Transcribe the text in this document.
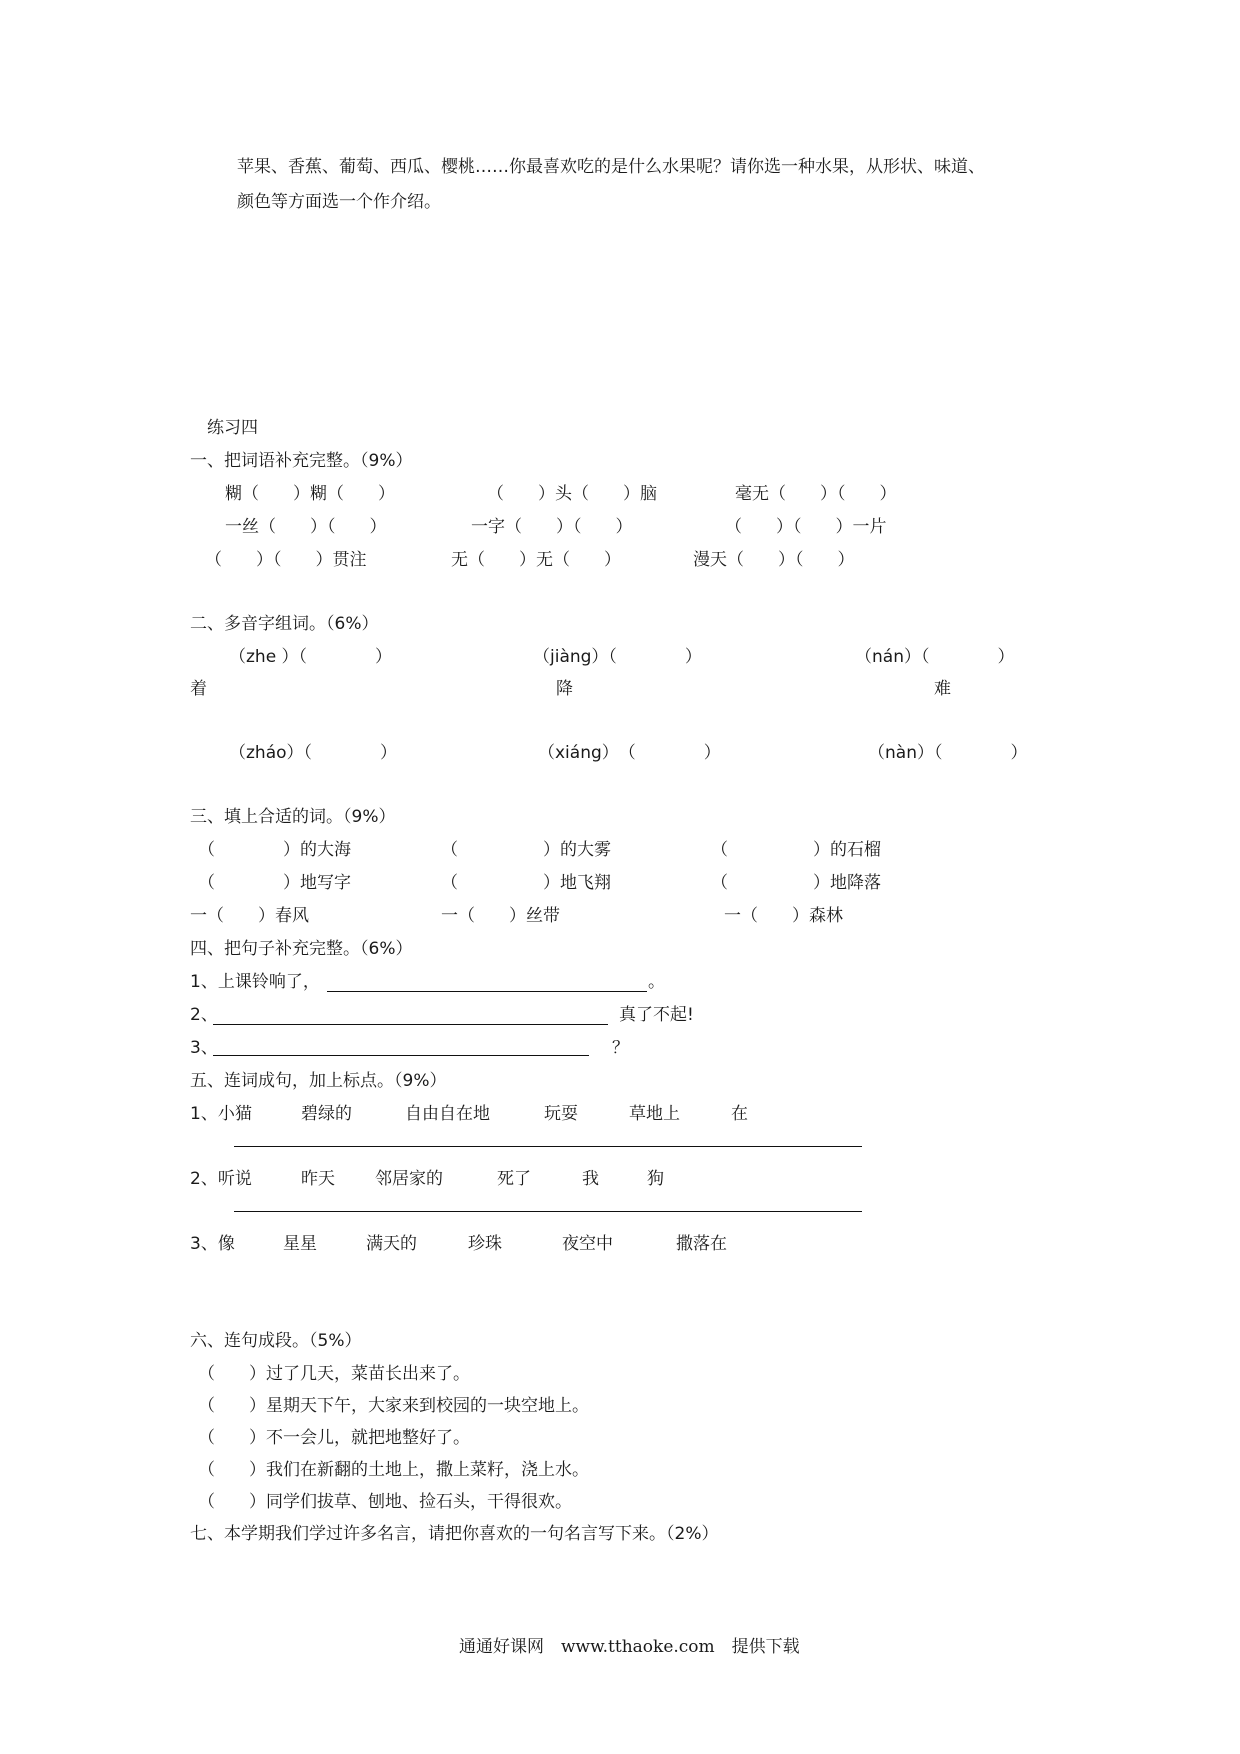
苹果、香蕉、葡萄、西瓜、樱桃……你最喜欢吃的是什么水果呢？请你选一种水果，从形状、味道、
颜色等方面选一个作介绍。
练习四
一、把词语补充完整。（9%）
糊（　　）糊（　　）	（　　）头（　　）脑	毫无（　　）（　　）
一丝（　　）（　　）	一字（　　）（　　）	（　　）（　　）一片
（　　）（　　）贯注	无（　　）无（　　）	漫天（　　）（　　）
二、多音字组词。（6%）
（zhe ）（　　　　）	（jiàng）（　　　　）	（nán）（　　　　）
着	降	难
（zháo）（　　　　）	（xiáng）　（　　　　）	（nàn）（　　　　）
三、填上合适的词。（9%）
（　　　　）的大海	（　　　　　）的大雾	（　　　　　）的石榴
（　　　　）地写字	（　　　　　）地飞翔	（　　　　　）地降落
一（　　）春风	一（　　）丝带	一（　　）森林
四、把句子补充完整。（6%）
1、上课铃响了，	。
2、	真了不起!
3、	？
五、连词成句，加上标点。（9%）
1、小猫	碧绿的	自由自在地	玩耍	草地上	在
2、听说	昨天 邻居家的	死了	我	狗
3、像	星星	满天的	珍珠	夜空中	撒落在
六、连句成段。（5%）
（　　）过了几天，菜苗长出来了。
（　　）星期天下午，大家来到校园的一块空地上。
（　　）不一会儿，就把地整好了。
（　　）我们在新翻的土地上，撒上菜籽，浇上水。
（　　）同学们拔草、刨地、捡石头，干得很欢。
七、本学期我们学过许多名言，请把你喜欢的一句名言写下来。（2%）
通通好课网　www.tthaoke.com　提供下载
